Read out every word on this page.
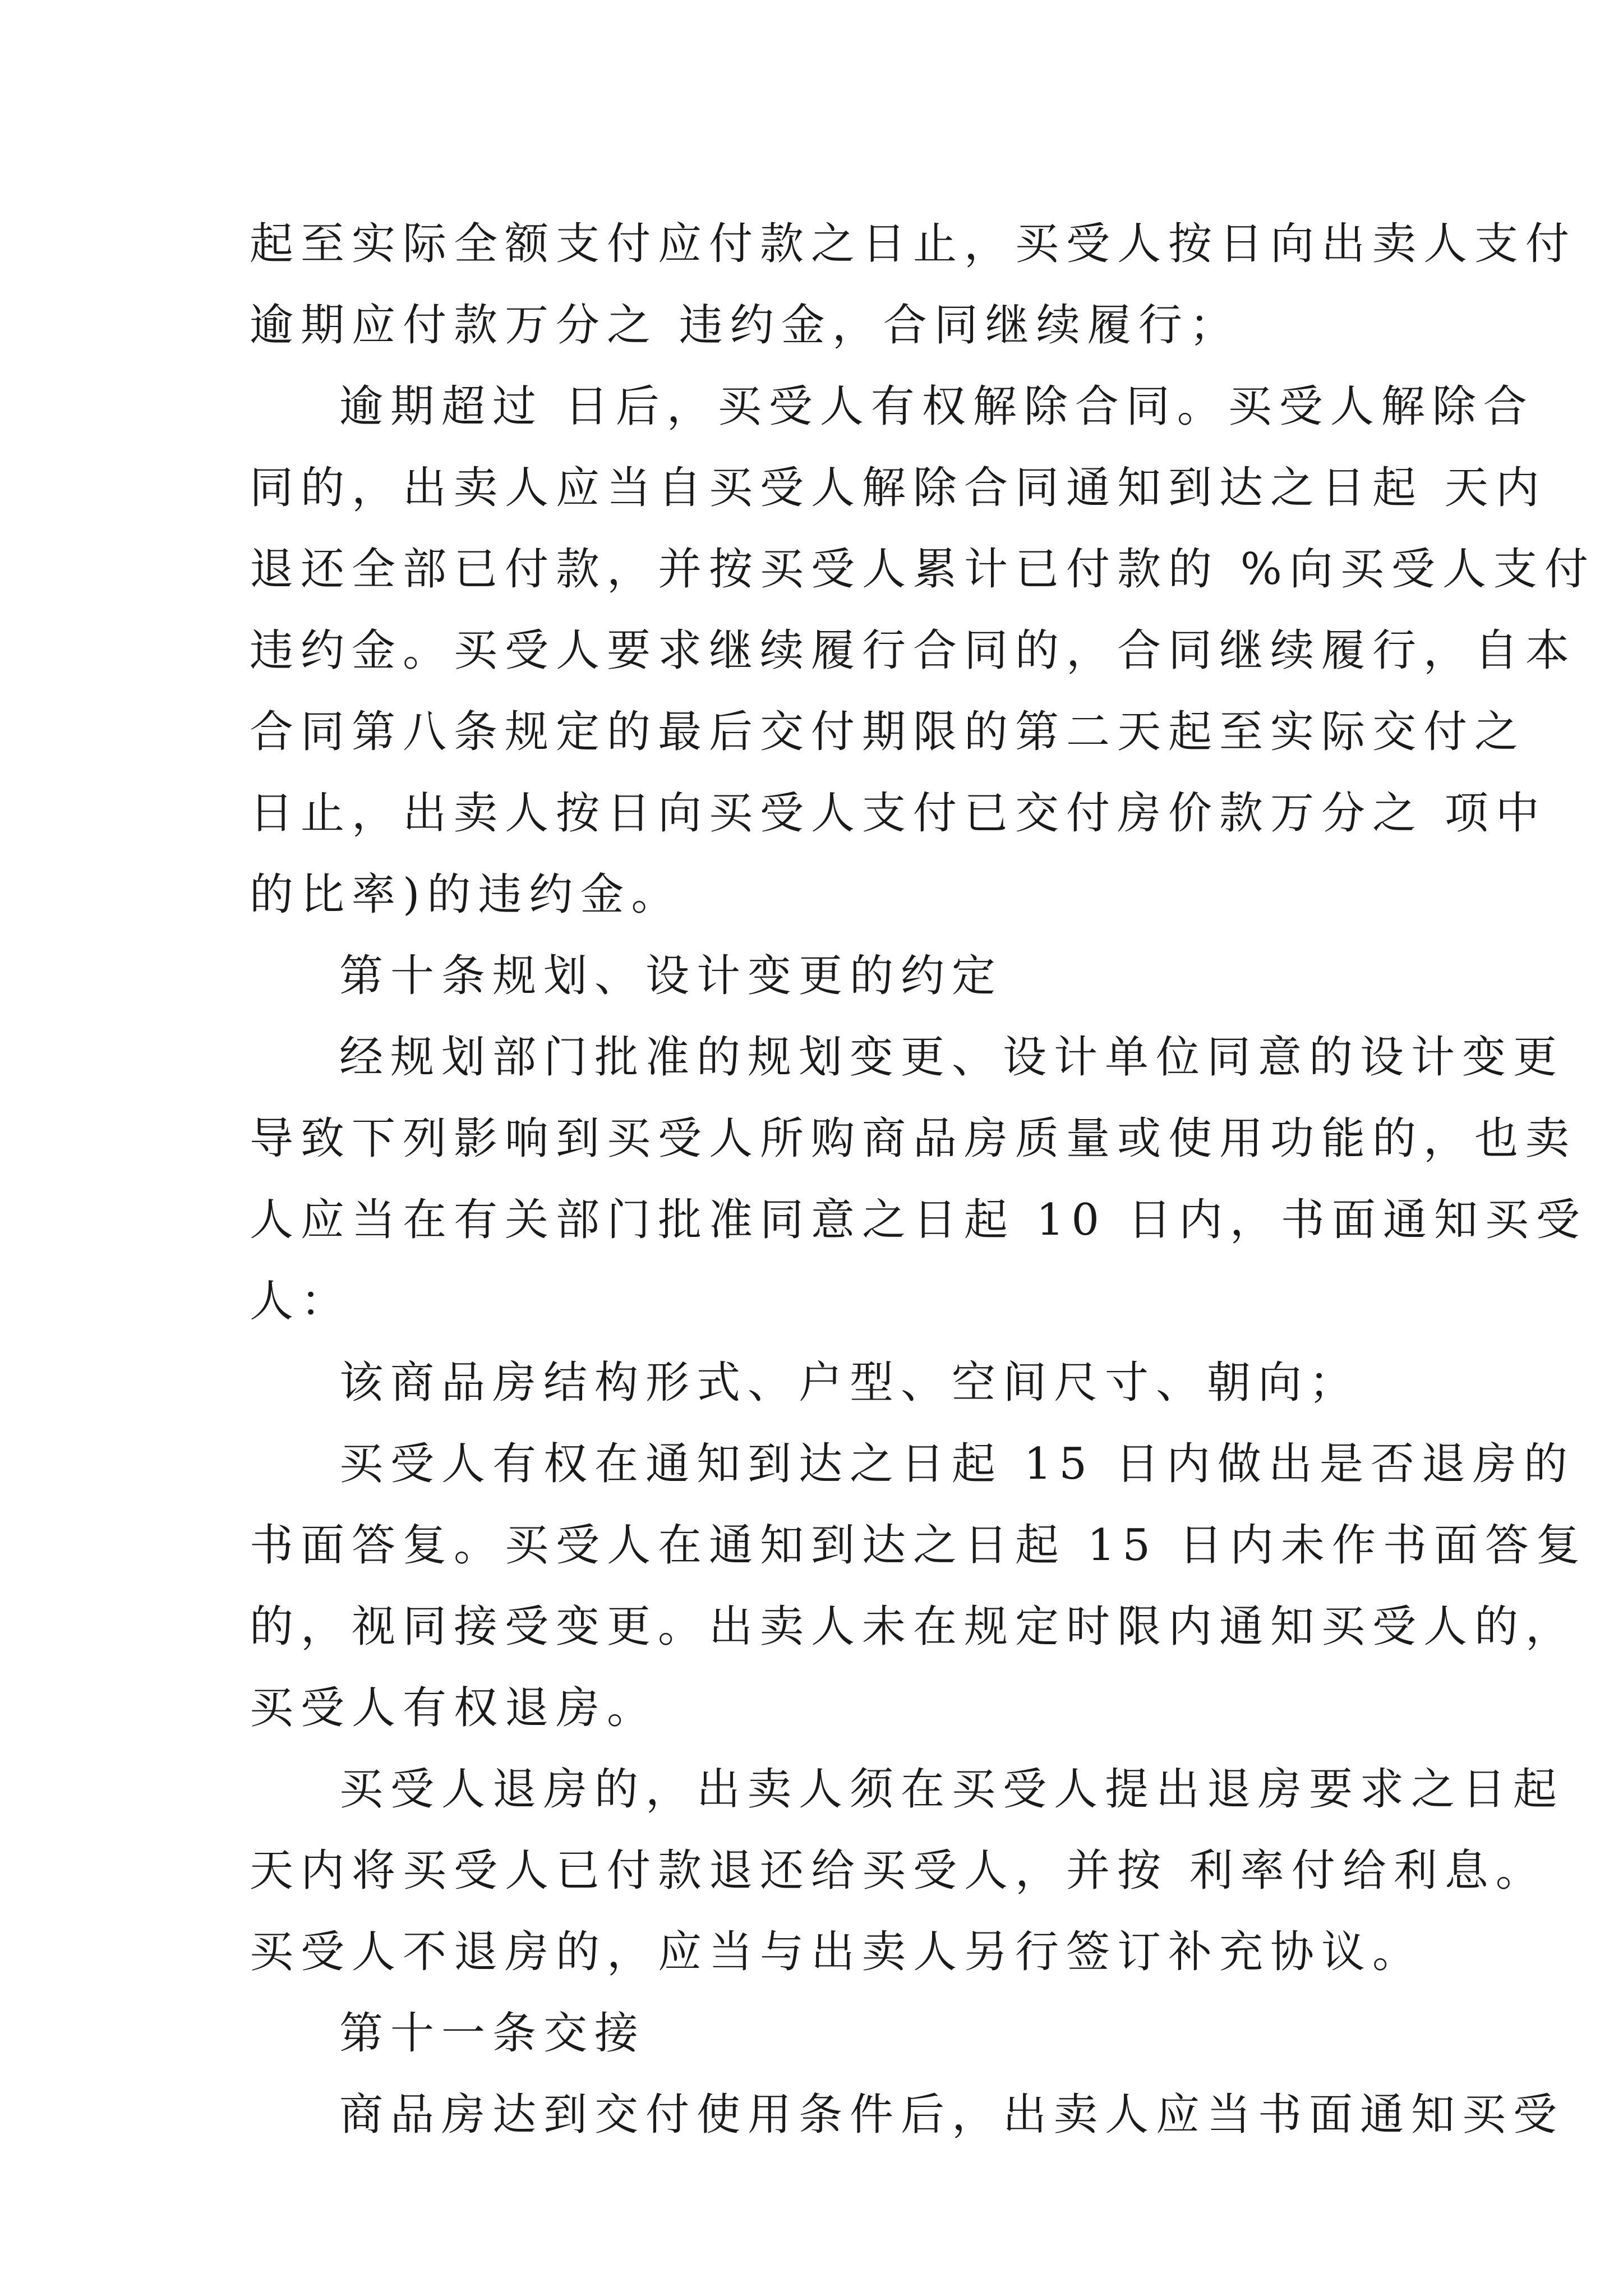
起至实际全额支付应付款之日止，买受人按日向出卖人支付
逾期应付款万分之 违约金，合同继续履行；
逾期超过 日后，买受人有权解除合同。买受人解除合
同的，出卖人应当自买受人解除合同通知到达之日起 天内
退还全部已付款，并按买受人累计已付款的 %向买受人支付
违约金。买受人要求继续履行合同的，合同继续履行，自本
合同第八条规定的最后交付期限的第二天起至实际交付之
日止，出卖人按日向买受人支付已交付房价款万分之 项中
的比率)的违约金。
第十条规划、设计变更的约定
经规划部门批准的规划变更、设计单位同意的设计变更
导致下列影响到买受人所购商品房质量或使用功能的，也卖
人应当在有关部门批准同意之日起 10 日内，书面通知买受
人：
该商品房结构形式、户型、空间尺寸、朝向；
买受人有权在通知到达之日起 15 日内做出是否退房的
书面答复。买受人在通知到达之日起 15 日内未作书面答复
的，视同接受变更。出卖人未在规定时限内通知买受人的，
买受人有权退房。
买受人退房的，出卖人须在买受人提出退房要求之日起
天内将买受人已付款退还给买受人，并按 利率付给利息。
买受人不退房的，应当与出卖人另行签订补充协议。
第十一条交接
商品房达到交付使用条件后，出卖人应当书面通知买受
